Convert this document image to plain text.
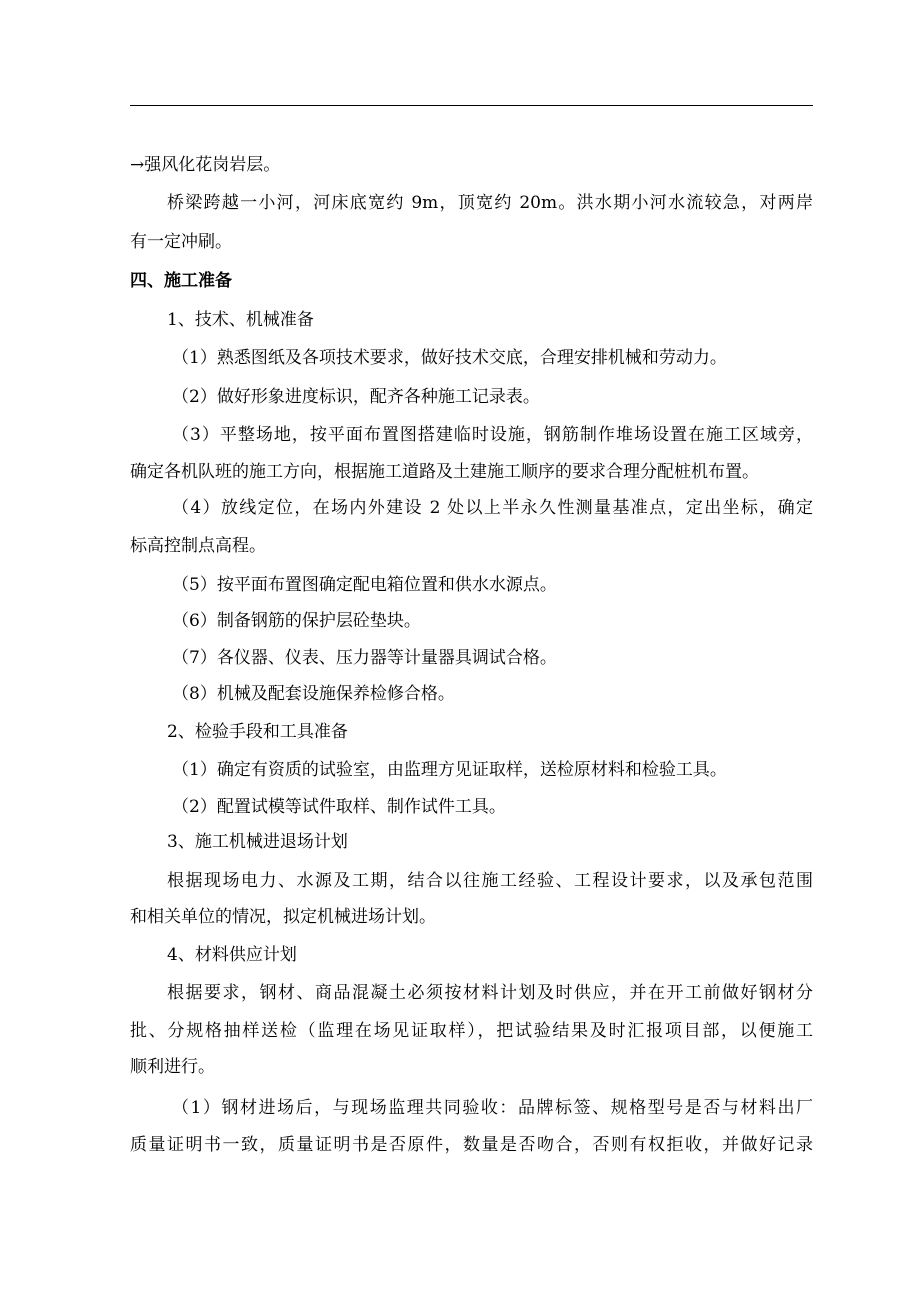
→强风化花岗岩层。
桥梁跨越一小河，河床底宽约 9m，顶宽约 20m。洪水期小河水流较急，对两岸
有一定冲刷。
四、施工准备
1、技术、机械准备
（1）熟悉图纸及各项技术要求，做好技术交底，合理安排机械和劳动力。
（2）做好形象进度标识，配齐各种施工记录表。
（3）平整场地，按平面布置图搭建临时设施，钢筋制作堆场设置在施工区域旁，
确定各机队班的施工方向，根据施工道路及土建施工顺序的要求合理分配桩机布置。
（4）放线定位，在场内外建设 2 处以上半永久性测量基准点，定出坐标，确定
标高控制点高程。
（5）按平面布置图确定配电箱位置和供水水源点。
（6）制备钢筋的保护层砼垫块。
（7）各仪器、仪表、压力器等计量器具调试合格。
（8）机械及配套设施保养检修合格。
2、检验手段和工具准备
（1）确定有资质的试验室，由监理方见证取样，送检原材料和检验工具。
（2）配置试模等试件取样、制作试件工具。
3、施工机械进退场计划
根据现场电力、水源及工期，结合以往施工经验、工程设计要求，以及承包范围
和相关单位的情况，拟定机械进场计划。
4、材料供应计划
根据要求，钢材、商品混凝土必须按材料计划及时供应，并在开工前做好钢材分
批、分规格抽样送检（监理在场见证取样），把试验结果及时汇报项目部，以便施工
顺利进行。
（1）钢材进场后，与现场监理共同验收：品牌标签、规格型号是否与材料出厂
质量证明书一致，质量证明书是否原件，数量是否吻合，否则有权拒收，并做好记录
